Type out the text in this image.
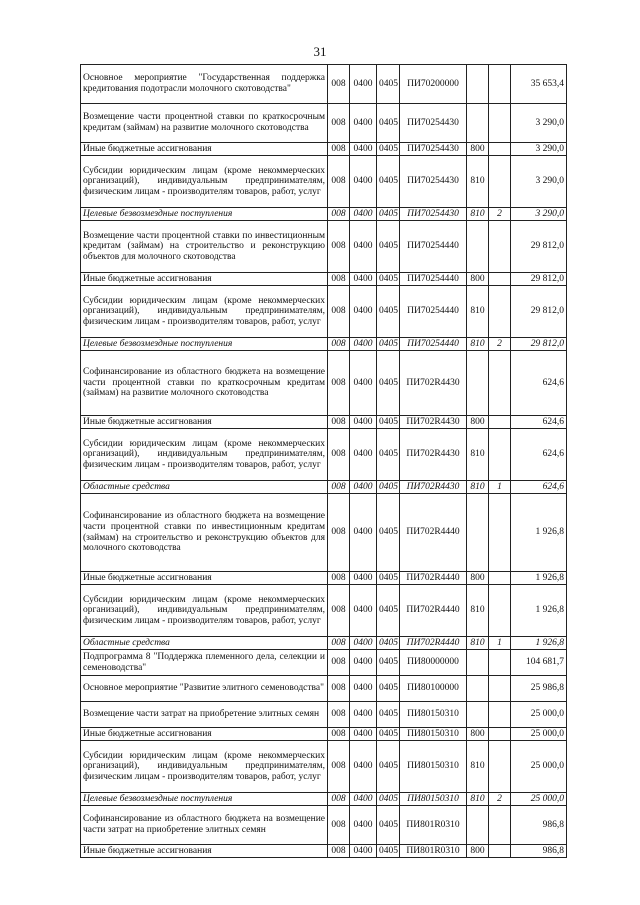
31
Основное мероприятие "Государственная поддержка кредитования подотрасли молочного скотоводства"	008	0400	0405	ПИ70200000			35 653,4
Возмещение части процентной ставки по краткосрочным кредитам (займам) на развитие молочного скотоводства	008	0400	0405	ПИ70254430			3 290,0
Иные бюджетные ассигнования	008	0400	0405	ПИ70254430	800		3 290,0
Субсидии юридическим лицам (кроме некоммерческих организаций), индивидуальным предпринимателям, физическим лицам - производителям товаров, работ, услуг	008	0400	0405	ПИ70254430	810		3 290,0
Целевые безвозмездные поступления	008	0400	0405	ПИ70254430	810	2	3 290,0
Возмещение части процентной ставки по инвестиционным кредитам (займам) на строительство и реконструкцию объектов для молочного скотоводства	008	0400	0405	ПИ70254440			29 812,0
Иные бюджетные ассигнования	008	0400	0405	ПИ70254440	800		29 812,0
Субсидии юридическим лицам (кроме некоммерческих организаций), индивидуальным предпринимателям, физическим лицам - производителям товаров, работ, услуг	008	0400	0405	ПИ70254440	810		29 812,0
Целевые безвозмездные поступления	008	0400	0405	ПИ70254440	810	2	29 812,0
Софинансирование из областного бюджета на возмещение части процентной ставки по краткосрочным кредитам (займам) на развитие молочного скотоводства	008	0400	0405	ПИ702R4430			624,6
Иные бюджетные ассигнования	008	0400	0405	ПИ702R4430	800		624,6
Субсидии юридическим лицам (кроме некоммерческих организаций), индивидуальным предпринимателям, физическим лицам - производителям товаров, работ, услуг	008	0400	0405	ПИ702R4430	810		624,6
Областные средства	008	0400	0405	ПИ702R4430	810	1	624,6
Софинансирование из областного бюджета на возмещение части процентной ставки по инвестиционным кредитам (займам) на строительство и реконструкцию объектов для молочного скотоводства	008	0400	0405	ПИ702R4440			1 926,8
Иные бюджетные ассигнования	008	0400	0405	ПИ702R4440	800		1 926,8
Субсидии юридическим лицам (кроме некоммерческих организаций), индивидуальным предпринимателям, физическим лицам - производителям товаров, работ, услуг	008	0400	0405	ПИ702R4440	810		1 926,8
Областные средства	008	0400	0405	ПИ702R4440	810	1	1 926,8
Подпрограмма 8 "Поддержка племенного дела, селекции и семеноводства"	008	0400	0405	ПИ80000000			104 681,7
Основное мероприятие "Развитие элитного семеноводства"	008	0400	0405	ПИ80100000			25 986,8
Возмещение части затрат на приобретение элитных семян	008	0400	0405	ПИ80150310			25 000,0
Иные бюджетные ассигнования	008	0400	0405	ПИ80150310	800		25 000,0
Субсидии юридическим лицам (кроме некоммерческих организаций), индивидуальным предпринимателям, физическим лицам - производителям товаров, работ, услуг	008	0400	0405	ПИ80150310	810		25 000,0
Целевые безвозмездные поступления	008	0400	0405	ПИ80150310	810	2	25 000,0
Софинансирование из областного бюджета на возмещение части затрат на приобретение элитных семян	008	0400	0405	ПИ801R0310			986,8
Иные бюджетные ассигнования	008	0400	0405	ПИ801R0310	800		986,8
